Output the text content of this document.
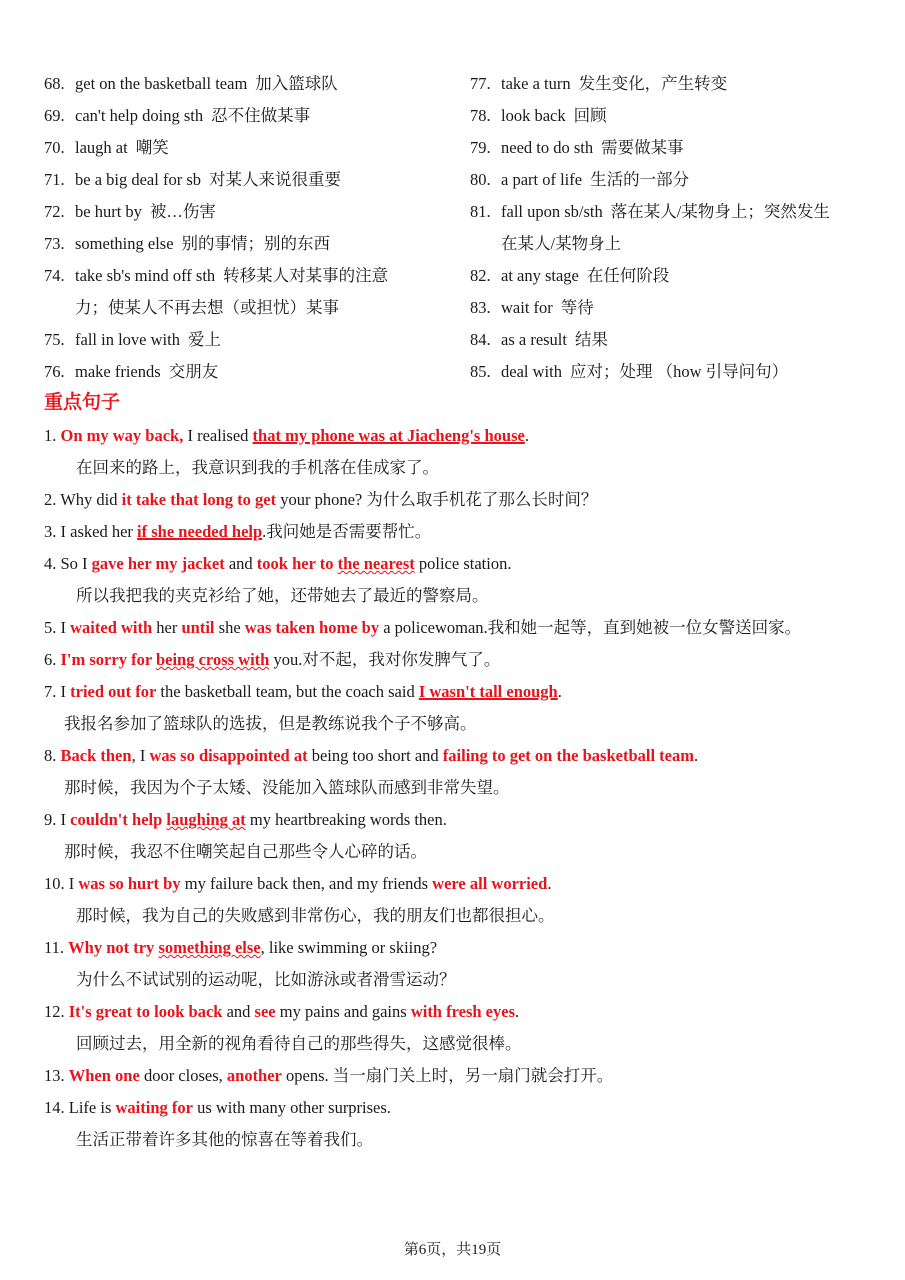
68. get on the basketball team 加入篮球队
69. can't help doing sth 忍不住做某事
70. laugh at 嘲笑
71. be a big deal for sb 对某人来说很重要
72. be hurt by 被…伤害
73. something else 别的事情；别的东西
74. take sb's mind off sth 转移某人对某事的注意
力；使某人不再去想（或担忧）某事
75. fall in love with 爱上
76. make friends 交朋友
77. take a turn 发生变化，产生转变
78. look back 回顾
79. need to do sth 需要做某事
80. a part of life 生活的一部分
81. fall upon sb/sth 落在某人/某物身上；突然发生
在某人/某物身上
82. at any stage 在任何阶段
83. wait for 等待
84. as a result 结果
85. deal with 应对；处理 （how 引导问句）
重点句子
1. On my way back, I realised that my phone was at Jiacheng's house.
在回来的路上，我意识到我的手机落在佳成家了。
2. Why did it take that long to get your phone? 为什么取手机花了那么长时间？
3. I asked her if she needed help.我问她是否需要帮忙。
4. So I gave her my jacket and took her to the nearest police station.
所以我把我的夹克衫给了她，还带她去了最近的警察局。
5. I waited with her until she was taken home by a policewoman.我和她一起等，直到她被一位女警送回家。
6. I'm sorry for being cross with you.对不起，我对你发脾气了。
7. I tried out for the basketball team, but the coach said I wasn't tall enough.
我报名参加了篮球队的选拔，但是教练说我个子不够高。
8. Back then, I was so disappointed at being too short and failing to get on the basketball team.
那时候，我因为个子太矮、没能加入篮球队而感到非常失望。
9. I couldn't help laughing at my heartbreaking words then.
那时候，我忍不住嘲笑起自己那些令人心碎的话。
10. I was so hurt by my failure back then, and my friends were all worried.
那时候，我为自己的失败感到非常伤心，我的朋友们也都很担心。
11. Why not try something else, like swimming or skiing?
为什么不试试别的运动呢，比如游泳或者滑雪运动？
12. It's great to look back and see my pains and gains with fresh eyes.
回顾过去，用全新的视角看待自己的那些得失，这感觉很棒。
13. When one door closes, another opens. 当一扇门关上时，另一扇门就会打开。
14. Life is waiting for us with many other surprises.
生活正带着许多其他的惊喜在等着我们。
第6页，共19页
